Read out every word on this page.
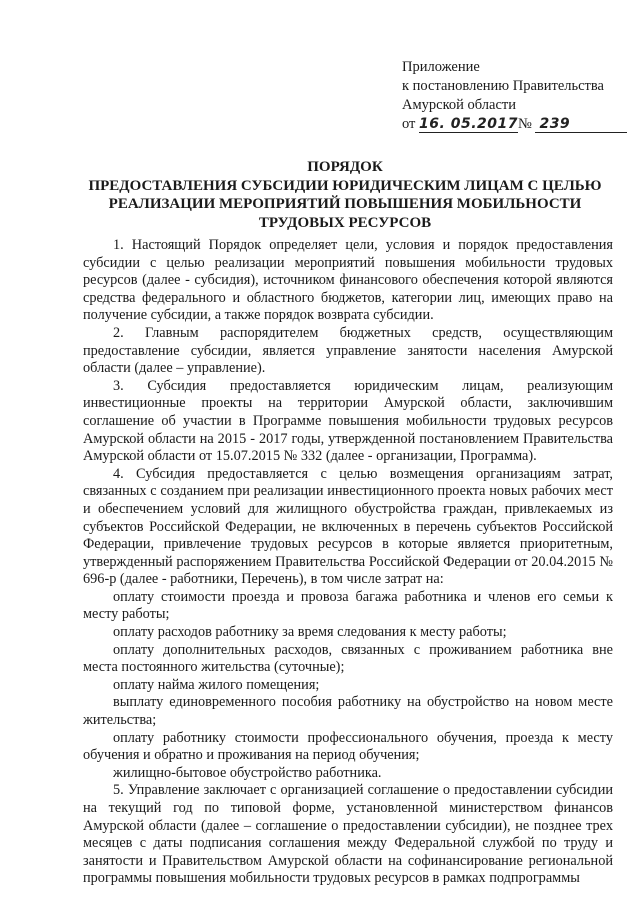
Приложение
к постановлению Правительства
Амурской области
от 16. 05.2017№ 239
ПОРЯДОК
ПРЕДОСТАВЛЕНИЯ СУБСИДИИ ЮРИДИЧЕСКИМ ЛИЦАМ С ЦЕЛЬЮ
РЕАЛИЗАЦИИ МЕРОПРИЯТИЙ ПОВЫШЕНИЯ МОБИЛЬНОСТИ
ТРУДОВЫХ РЕСУРСОВ

1. Настоящий Порядок определяет цели, условия и порядок предоставления субсидии с целью реализации мероприятий повышения мобильности трудовых ресурсов (далее - субсидия), источником финансового обеспечения которой являются средства федерального и областного бюджетов, категории лиц, имеющих право на получение субсидии, а также порядок возврата субсидии.

2. Главным распорядителем бюджетных средств, осуществляющим предоставление субсидии, является управление занятости населения Амурской области (далее – управление).

3. Субсидия предоставляется юридическим лицам, реализующим инвестиционные проекты на территории Амурской области, заключившим соглашение об участии в Программе повышения мобильности трудовых ресурсов Амурской области на 2015 - 2017 годы, утвержденной постановлением Правительства Амурской области от 15.07.2015 № 332 (далее - организации, Программа).

4. Субсидия предоставляется с целью возмещения организациям затрат, связанных с созданием при реализации инвестиционного проекта новых рабочих мест и обеспечением условий для жилищного обустройства граждан, привлекаемых из субъектов Российской Федерации, не включенных в перечень субъектов Российской Федерации, привлечение трудовых ресурсов в которые является приоритетным, утвержденный распоряжением Правительства Российской Федерации от 20.04.2015 № 696-р (далее - работники, Перечень), в том числе затрат на:

оплату стоимости проезда и провоза багажа работника и членов его семьи к месту работы;

оплату расходов работнику за время следования к месту работы;

оплату дополнительных расходов, связанных с проживанием работника вне места постоянного жительства (суточные);

оплату найма жилого помещения;

выплату единовременного пособия работнику на обустройство на новом месте жительства;

оплату работнику стоимости профессионального обучения, проезда к месту обучения и обратно и проживания на период обучения;

жилищно-бытовое обустройство работника.

5. Управление заключает с организацией соглашение о предоставлении субсидии на текущий год по типовой форме, установленной министерством финансов Амурской области (далее – соглашение о предоставлении субсидии), не позднее трех месяцев с даты подписания соглашения между Федеральной службой по труду и занятости и Правительством Амурской области на софинансирование региональной программы повышения мобильности трудовых ресурсов в рамках подпрограммы
